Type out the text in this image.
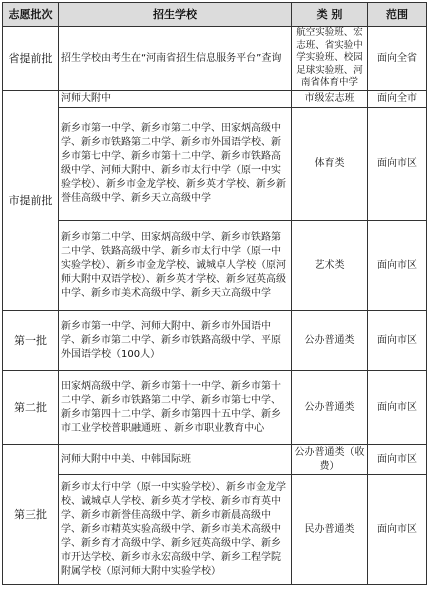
志愿批次	招生学校	类 别	范围
省提前批	招生学校由考生在“河南省招生信息服务平台”查询	航空实验班、宏志班、省实验中学实验班、校园足球实验班、河南省体育中学	面向全省
市提前批	河师大附中	市级宏志班	面向全市
	新乡市第一中学、新乡市第二中学、田家炳高级中学、新乡市铁路第二中学、新乡市外国语学校、新乡市第七中学、新乡市第十二中学、新乡市铁路高级中学、河师大附中、新乡市太行中学（原一中实验学校）、新乡市金龙学校、新乡英才学校、新乡新誉佳高级中学、新乡天立高级中学	体育类	面向市区
	新乡市第二中学、田家炳高级中学、新乡市铁路第二中学、铁路高级中学、新乡市太行中学（原一中实验学校）、新乡市金龙学校、诚城卓人学校（原河师大附中双语学校）、新乡英才学校、新乡冠英高级中学、新乡市美术高级中学、新乡天立高级中学	艺术类	面向市区
第一批	新乡市第一中学、河师大附中、新乡市外国语中学、新乡市第二中学、新乡市铁路高级中学、平原外国语学校（100人）	公办普通类	面向市区
第二批	田家炳高级中学、新乡市第十一中学、新乡市第十二中学、新乡市铁路第二中学、新乡市第七中学、新乡市第四十二中学、新乡市第四十五中学、新乡市工业学校普职融通班 、新乡市职业教育中心	公办普通类	面向市区
第三批	河师大附中中美、中韩国际班	公办普通类（收费）	面向市区
	新乡市太行中学（原一中实验学校）、新乡市金龙学校、诚城卓人学校、新乡英才学校、新乡市育英中学、新乡市新誉佳高级中学、新乡市新晨高级中学、新乡市精英实验高级中学、新乡市美术高级中学、新乡育才高级中学、新乡冠英高级中学、新乡市开达学校、新乡市永宏高级中学、新乡工程学院附属学校（原河师大附中实验学校）	民办普通类	面向市区
